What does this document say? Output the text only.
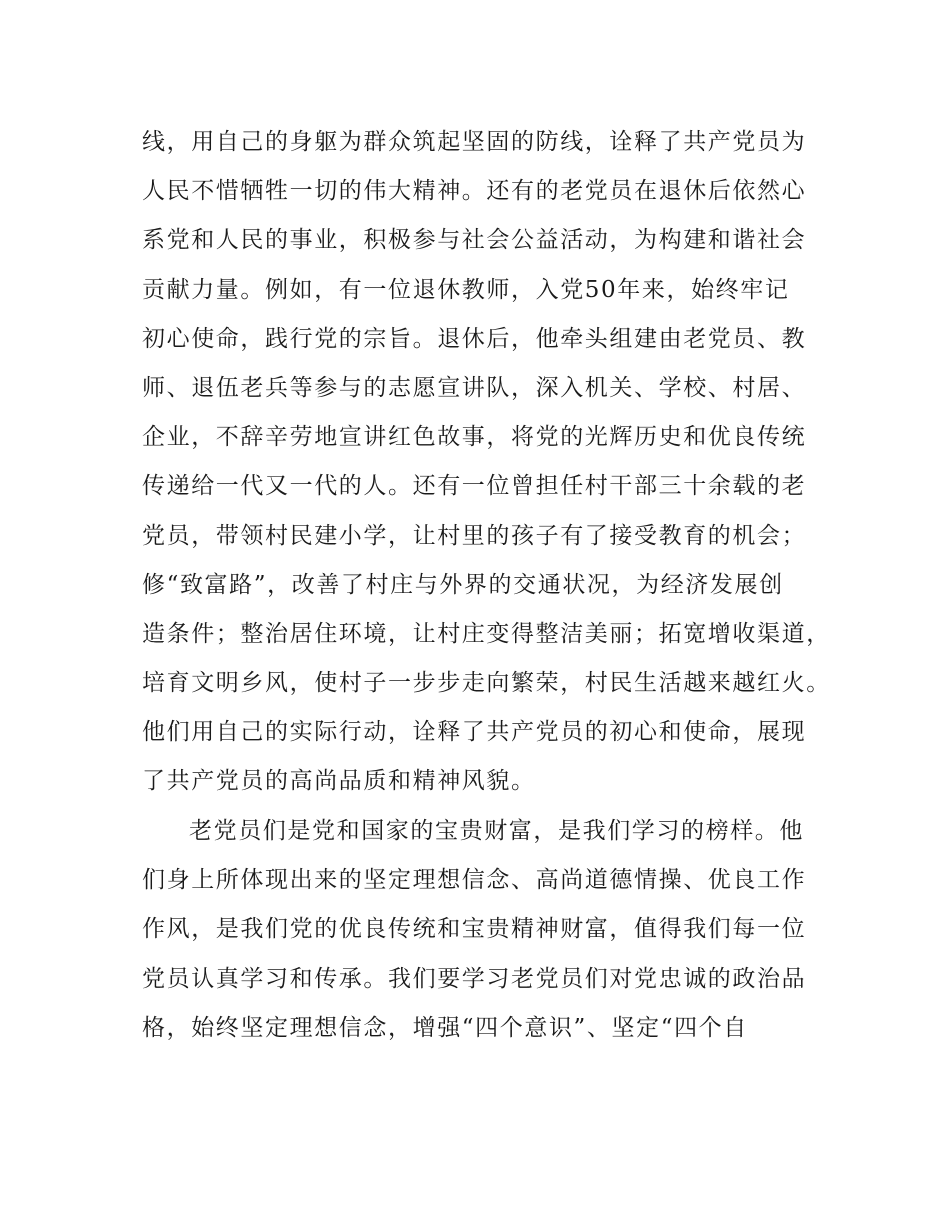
线，用自己的身躯为群众筑起坚固的防线，诠释了共产党员为
人民不惜牺牲一切的伟大精神。还有的老党员在退休后依然心
系党和人民的事业，积极参与社会公益活动，为构建和谐社会
贡献力量。例如，有一位退休教师，入党50年来，始终牢记
初心使命，践行党的宗旨。退休后，他牵头组建由老党员、教
师、退伍老兵等参与的志愿宣讲队，深入机关、学校、村居、
企业，不辞辛劳地宣讲红色故事，将党的光辉历史和优良传统
传递给一代又一代的人。还有一位曾担任村干部三十余载的老
党员，带领村民建小学，让村里的孩子有了接受教育的机会；
修“致富路”，改善了村庄与外界的交通状况，为经济发展创
造条件；整治居住环境，让村庄变得整洁美丽；拓宽增收渠道，
培育文明乡风，使村子一步步走向繁荣，村民生活越来越红火。
他们用自己的实际行动，诠释了共产党员的初心和使命，展现
了共产党员的高尚品质和精神风貌。
老党员们是党和国家的宝贵财富，是我们学习的榜样。他
们身上所体现出来的坚定理想信念、高尚道德情操、优良工作
作风，是我们党的优良传统和宝贵精神财富，值得我们每一位
党员认真学习和传承。我们要学习老党员们对党忠诚的政治品
格，始终坚定理想信念，增强“四个意识”、坚定“四个自
